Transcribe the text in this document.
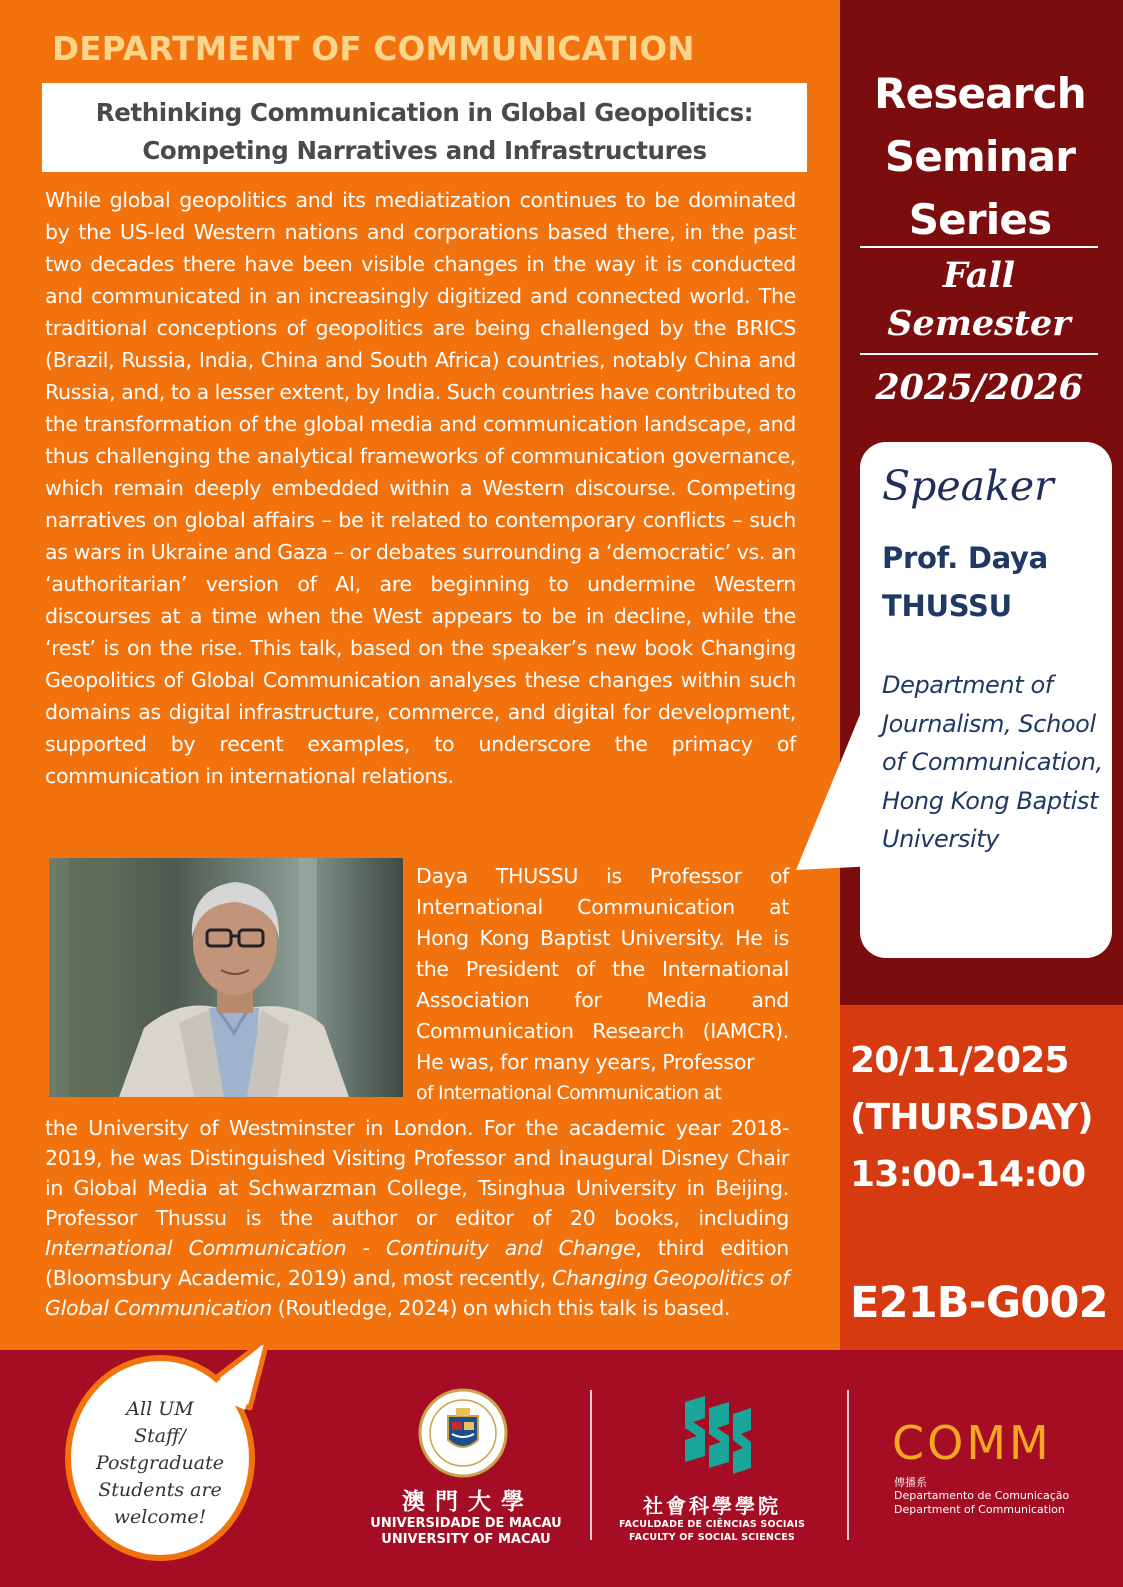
DEPARTMENT OF COMMUNICATION
Rethinking Communication in Global Geopolitics:
Competing Narratives and Infrastructures

While global geopolitics and its mediatization continues to be dominated by the US-led Western nations and corporations based there, in the past two decades there have been visible changes in the way it is conducted and communicated in an increasingly digitized and connected world. The traditional conceptions of geopolitics are being challenged by the BRICS (Brazil, Russia, India, China and South Africa) countries, notably China and Russia, and, to a lesser extent, by India. Such countries have contributed to the transformation of the global media and communication landscape, and thus challenging the analytical frameworks of communication governance, which remain deeply embedded within a Western discourse. Competing narratives on global affairs – be it related to contemporary conflicts – such as wars in Ukraine and Gaza – or debates surrounding a ‘democratic’ vs. an ‘authoritarian’ version of AI, are beginning to undermine Western discourses at a time when the West appears to be in decline, while the ‘rest’ is on the rise. This talk, based on the speaker’s new book Changing Geopolitics of Global Communication analyses these changes within such domains as digital infrastructure, commerce, and digital for development, supported by recent examples, to underscore the primacy of communication in international relations.

Daya THUSSU is Professor of International Communication at Hong Kong Baptist University. He is the President of the International Association for Media and Communication Research (IAMCR). He was, for many years, Professor
of International Communication at

the University of Westminster in London. For the academic year 2018-2019, he was Distinguished Visiting Professor and Inaugural Disney Chair in Global Media at Schwarzman College, Tsinghua University in Beijing. Professor Thussu is the author or editor of 20 books, including International Communication - Continuity and Change, third edition (Bloomsbury Academic, 2019) and, most recently, Changing Geopolitics of Global Communication (Routledge, 2024) on which this talk is based.

Research
Seminar
Series
Fall
Semester
2025/2026
Speaker
Prof. Daya THUSSU
Department of Journalism, School of Communication, Hong Kong Baptist University
20/11/2025
(THURSDAY)
13:00-14:00
E21B-G002
All UM
Staff/
Postgraduate
Students are
welcome!
澳門大學
UNIVERSIDADE DE MACAU
UNIVERSITY OF MACAU
社會科學學院
FACULDADE DE CIÊNCIAS SOCIAIS
FACULTY OF SOCIAL SCIENCES
COMM
傳播系
Departamento de Comunicação
Department of Communication
